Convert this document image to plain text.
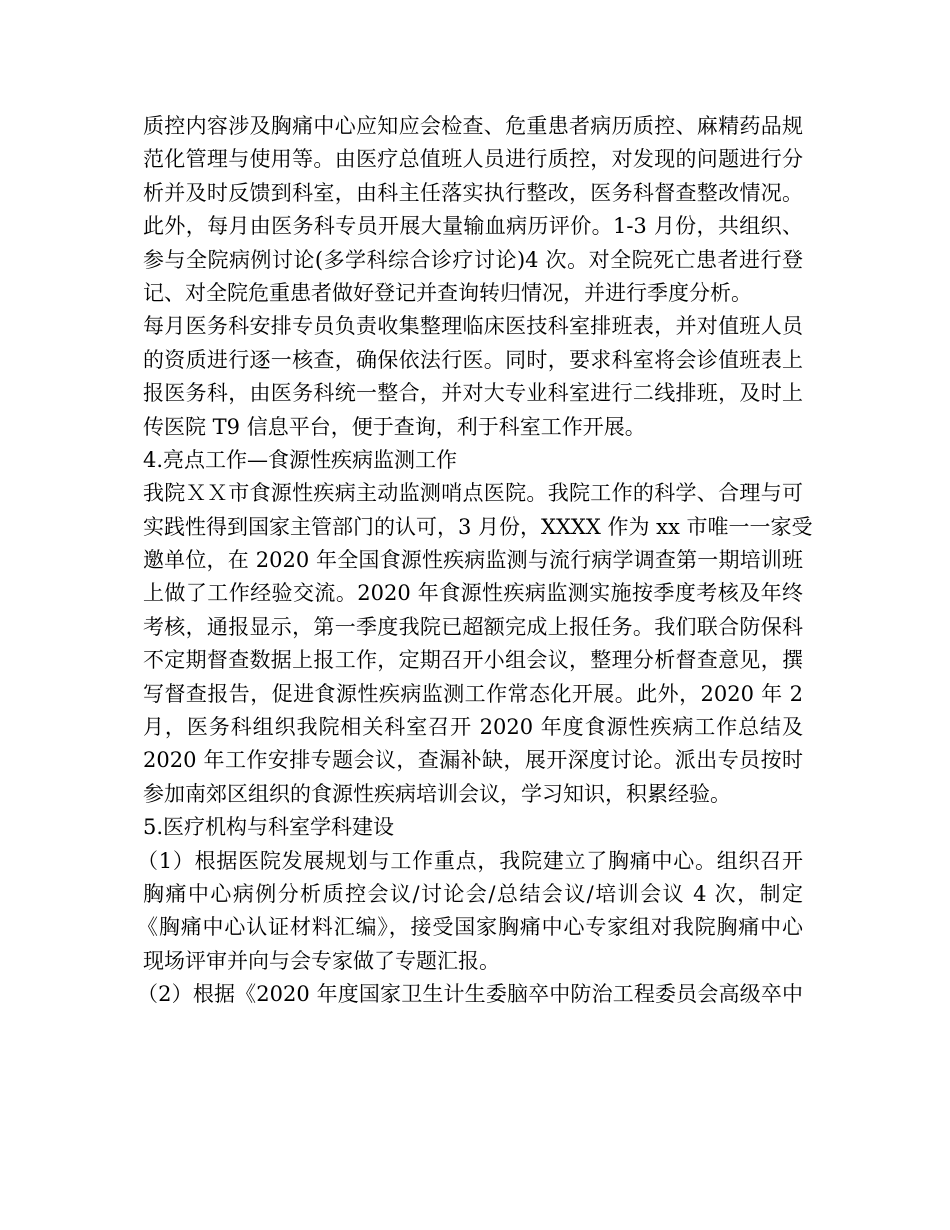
质控内容涉及胸痛中心应知应会检查、危重患者病历质控、麻精药品规
范化管理与使用等。由医疗总值班人员进行质控，对发现的问题进行分
析并及时反馈到科室，由科主任落实执行整改，医务科督查整改情况。
此外，每月由医务科专员开展大量输血病历评价。1-3 月份，共组织、
参与全院病例讨论(多学科综合诊疗讨论)4 次。对全院死亡患者进行登
记、对全院危重患者做好登记并查询转归情况，并进行季度分析。
每月医务科安排专员负责收集整理临床医技科室排班表，并对值班人员
的资质进行逐一核查，确保依法行医。同时，要求科室将会诊值班表上
报医务科，由医务科统一整合，并对大专业科室进行二线排班，及时上
传医院 T9 信息平台，便于查询，利于科室工作开展。
4.亮点工作—食源性疾病监测工作
我院ＸＸ市食源性疾病主动监测哨点医院。我院工作的科学、合理与可
实践性得到国家主管部门的认可，3 月份，XXXX 作为 xx 市唯一一家受
邀单位，在 2020 年全国食源性疾病监测与流行病学调查第一期培训班
上做了工作经验交流。2020 年食源性疾病监测实施按季度考核及年终
考核，通报显示，第一季度我院已超额完成上报任务。我们联合防保科
不定期督查数据上报工作，定期召开小组会议，整理分析督查意见，撰
写督查报告，促进食源性疾病监测工作常态化开展。此外，2020 年 2
月，医务科组织我院相关科室召开 2020 年度食源性疾病工作总结及
2020 年工作安排专题会议，查漏补缺，展开深度讨论。派出专员按时
参加南郊区组织的食源性疾病培训会议，学习知识，积累经验。
5.医疗机构与科室学科建设
（1）根据医院发展规划与工作重点，我院建立了胸痛中心。组织召开
胸痛中心病例分析质控会议/讨论会/总结会议/培训会议 4 次，制定
《胸痛中心认证材料汇编》，接受国家胸痛中心专家组对我院胸痛中心
现场评审并向与会专家做了专题汇报。
（2）根据《2020 年度国家卫生计生委脑卒中防治工程委员会高级卒中
